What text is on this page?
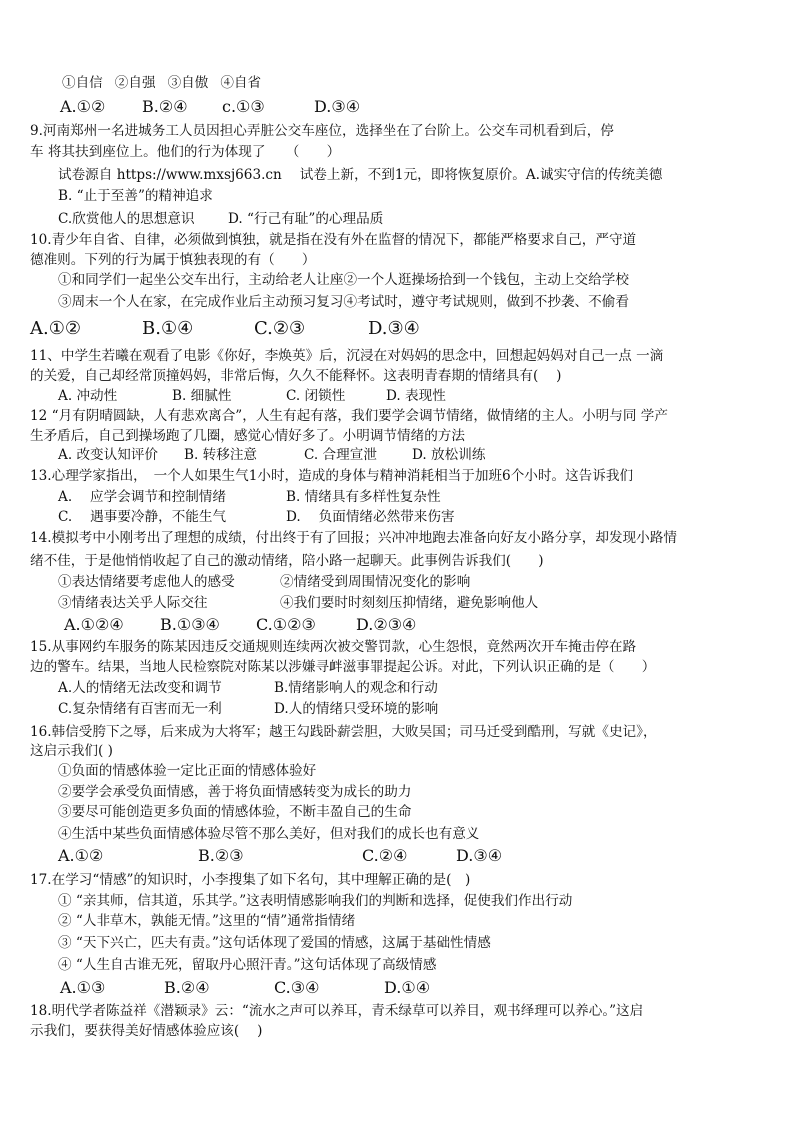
①自信 ②自强 ③自傲 ④自省
A.①② B.②④ c.①③	D.③④
9.河南郑州一名进城务工人员因担心弄脏公交车座位，选择坐在了台阶上。公交车司机看到后，停
车 将其扶到座位上。他们的行为体现了　　（　　）
试卷源自 https://www.mxsj663.cn　 试卷上新，不到1元，即将恢复原价。A.诚实守信的传统美德
B. “止于至善”的精神追求
C.欣赏他人的思想意识 D. “行己有耻”的心理品质
10.青少年自省、自律，必须做到慎独，就是指在没有外在监督的情况下，都能严格要求自己，严守道
德准则。下列的行为属于慎独表现的有（　　）
①和同学们一起坐公交车出行，主动给老人让座②一个人逛操场拾到一个钱包，主动上交给学校
③周末一个人在家，在完成作业后主动预习复习④考试时，遵守考试规则，做到不抄袭、不偷看
A.①②	B.①④	C.②③	D.③④
11、中学生若曦在观看了电影《你好，李焕英》后，沉浸在对妈妈的思念中，回想起妈妈对自己一点 一滴
的关爱，自己却经常顶撞妈妈，非常后悔，久久不能释怀。这表明青春期的情绪具有(　 )
A. 冲动性	B. 细腻性	C. 闭锁性	D. 表现性
12 “月有阴晴圆缺，人有悲欢离合”，人生有起有落，我们要学会调节情绪，做情绪的主人。小明与同 学产
生矛盾后，自己到操场跑了几圈，感觉心情好多了。小明调节情绪的方法
A. 改变认知评价 B. 转移注意	C. 合理宣泄	D. 放松训练
13.心理学家指出，　一个人如果生气1小时，造成的身体与精神消耗相当于加班6个小时。这告诉我们
A.　 应学会调节和控制情绪	B. 情绪具有多样性复杂性
C.　 遇事要冷静，不能生气	D.　 负面情绪必然带来伤害
14.模拟考中小刚考出了理想的成绩，付出终于有了回报；兴冲冲地跑去准备向好友小路分享，却发现小路情
绪不佳，于是他悄悄收起了自己的激动情绪，陪小路一起聊天。此事例告诉我们(　　)
①表达情绪要考虑他人的感受	②情绪受到周围情况变化的影响
③情绪表达关乎人际交往	④我们要时时刻刻压抑情绪，避免影响他人
A.①②④ B.①③④ C.①②③	D.②③④
15.从事网约车服务的陈某因违反交通规则连续两次被交警罚款，心生怨恨，竟然两次开车掩击停在路
边的警车。结果，当地人民检察院对陈某以涉嫌寻衅滋事罪提起公诉。对此，下列认识正确的是（　　）
A.人的情绪无法改变和调节	B.情绪影响人的观念和行动
C.复杂情绪有百害而无一利	D.人的情绪只受环境的影响
16.韩信受胯下之辱，后来成为大将军；越王勾践卧薪尝胆，大败吴国；司马迁受到酷刑，写就《史记》，
这启示我们( )
①负面的情感体验一定比正面的情感体验好
②要学会承受负面情感，善于将负面情感转变为成长的助力
③要尽可能创造更多负面的情感体验，不断丰盈自己的生命
④生活中某些负面情感体验尽管不那么美好，但对我们的成长也有意义
A.①②	B.②③	C.②④	D.③④
17.在学习“情感”的知识时，小李搜集了如下名句，其中理解正确的是(　)
① “亲其师，信其道，乐其学。”这表明情感影响我们的判断和选择，促使我们作出行动
② “人非草木，孰能无情。”这里的“情”通常指情绪
③ “天下兴亡，匹夫有责。”这句话体现了爱国的情感，这属于基础性情感
④ “人生自古谁无死，留取丹心照汗青。”这句话体现了高级情感
A.①③	B.②④	C.③④	D.①④
18.明代学者陈益祥《潜颖录》云：“流水之声可以养耳，青禾绿草可以养目，观书绎理可以养心。”这启
示我们，要获得美好情感体验应该(　 )
